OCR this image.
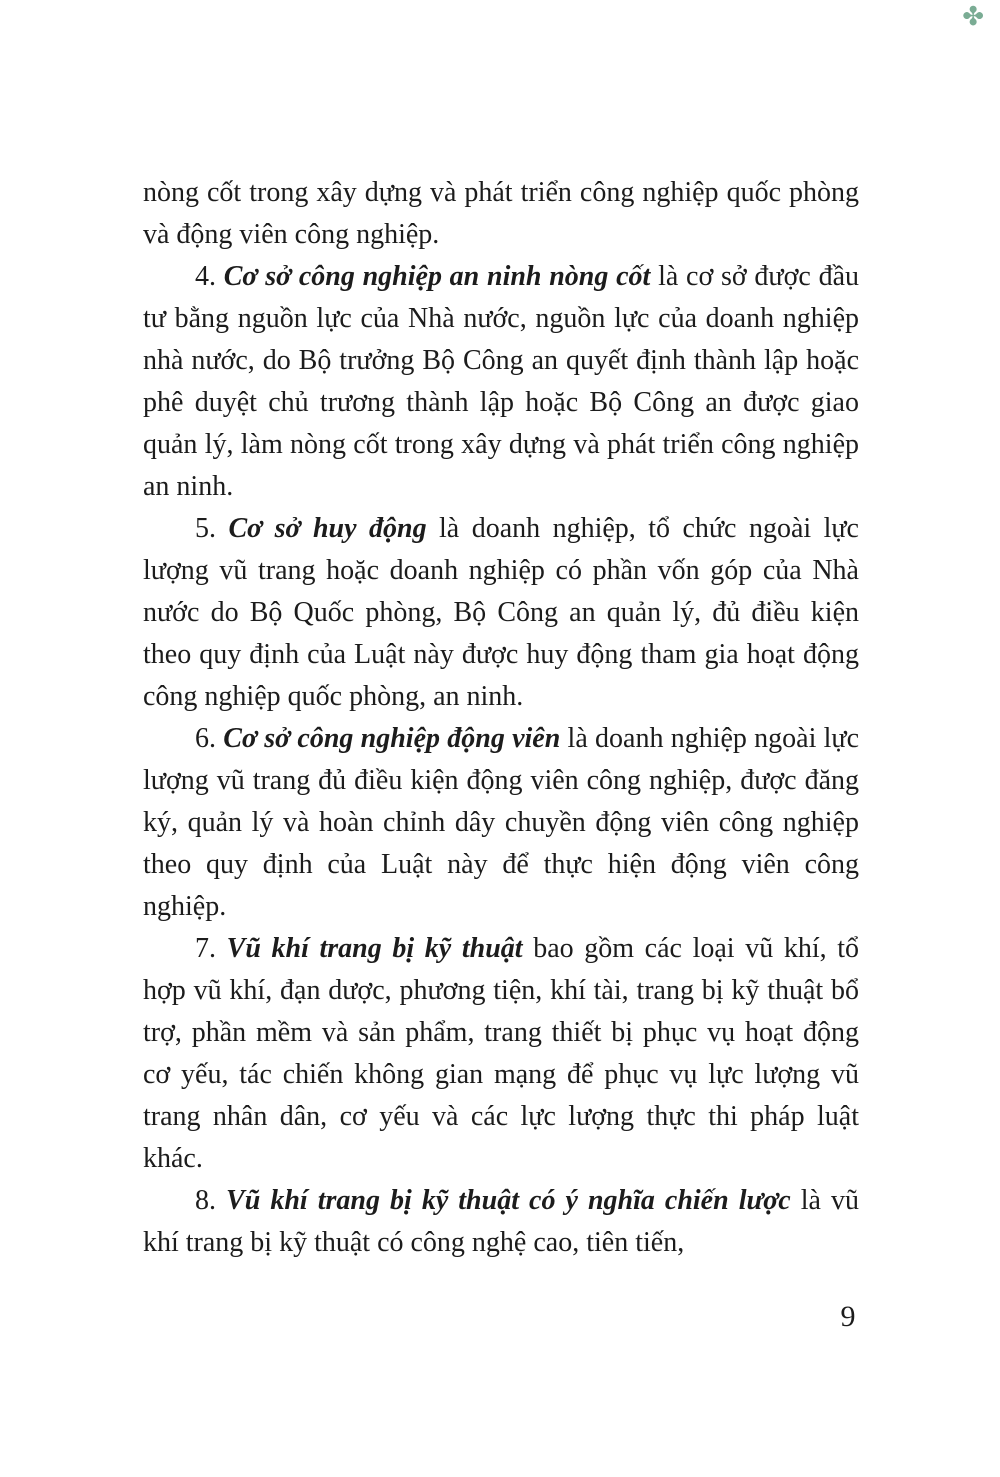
✤

nòng cốt trong xây dựng và phát triển công nghiệp quốc phòng và động viên công nghiệp.

4. Cơ sở công nghiệp an ninh nòng cốt là cơ sở được đầu tư bằng nguồn lực của Nhà nước, nguồn lực của doanh nghiệp nhà nước, do Bộ trưởng Bộ Công an quyết định thành lập hoặc phê duyệt chủ trương thành lập hoặc Bộ Công an được giao quản lý, làm nòng cốt trong xây dựng và phát triển công nghiệp an ninh.

5. Cơ sở huy động là doanh nghiệp, tổ chức ngoài lực lượng vũ trang hoặc doanh nghiệp có phần vốn góp của Nhà nước do Bộ Quốc phòng, Bộ Công an quản lý, đủ điều kiện theo quy định của Luật này được huy động tham gia hoạt động công nghiệp quốc phòng, an ninh.

6. Cơ sở công nghiệp động viên là doanh nghiệp ngoài lực lượng vũ trang đủ điều kiện động viên công nghiệp, được đăng ký, quản lý và hoàn chỉnh dây chuyền động viên công nghiệp theo quy định của Luật này để thực hiện động viên công nghiệp.

7. Vũ khí trang bị kỹ thuật bao gồm các loại vũ khí, tổ hợp vũ khí, đạn dược, phương tiện, khí tài, trang bị kỹ thuật bổ trợ, phần mềm và sản phẩm, trang thiết bị phục vụ hoạt động cơ yếu, tác chiến không gian mạng để phục vụ lực lượng vũ trang nhân dân, cơ yếu và các lực lượng thực thi pháp luật khác.

8. Vũ khí trang bị kỹ thuật có ý nghĩa chiến lược là vũ khí trang bị kỹ thuật có công nghệ cao, tiên tiến,

9
